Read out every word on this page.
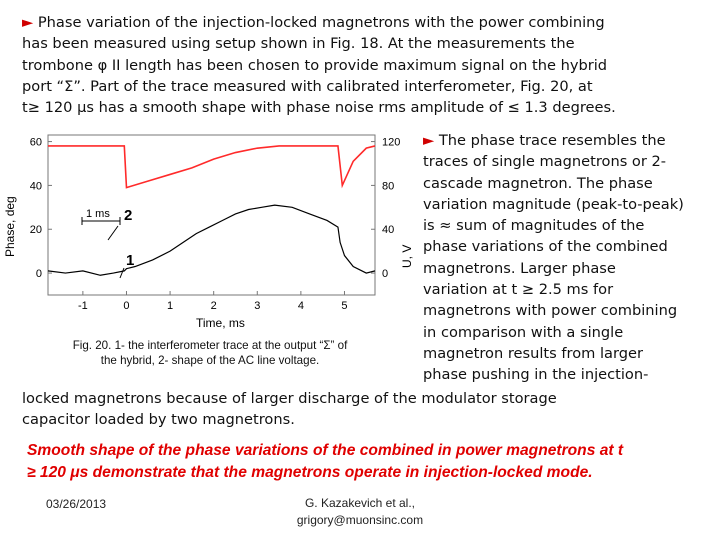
► Phase variation of the injection-locked magnetrons with the power combining
has been measured using setup shown in Fig. 18. At the measurements the
trombone φ II length has been chosen to provide maximum signal on the hybrid
port “Σ”. Part of the trace measured with calibrated interferometer, Fig. 20, at
t≥ 120 μs has a smooth shape with phase noise rms amplitude of ≤ 1.3 degrees.
-1	0	1	2	3	4	5
0
20
40
60
0
40
80
120
1 ms 2
1
Time, ms
Phase, deg	U, V
► The phase trace resembles the
traces of single magnetrons or 2-
cascade magnetron. The phase
variation magnitude (peak-to-peak)
is ≈ sum of magnitudes of the
phase variations of the combined
magnetrons. Larger phase
variation at t ≥ 2.5 ms for
magnetrons with power combining
in comparison with a single
magnetron results from larger
phase pushing in the injection-
Fig. 20. 1- the interferometer trace at the output “Σ” of
the hybrid, 2- shape of the AC line voltage.
locked magnetrons because of larger discharge of the modulator storage
capacitor loaded by two magnetrons.
Smooth shape of the phase variations of the combined in power magnetrons at t
≥ 120 μs demonstrate that the magnetrons operate in injection-locked mode.
03/26/2013	G. Kazakevich et al.,
grigory@muonsinc.com
